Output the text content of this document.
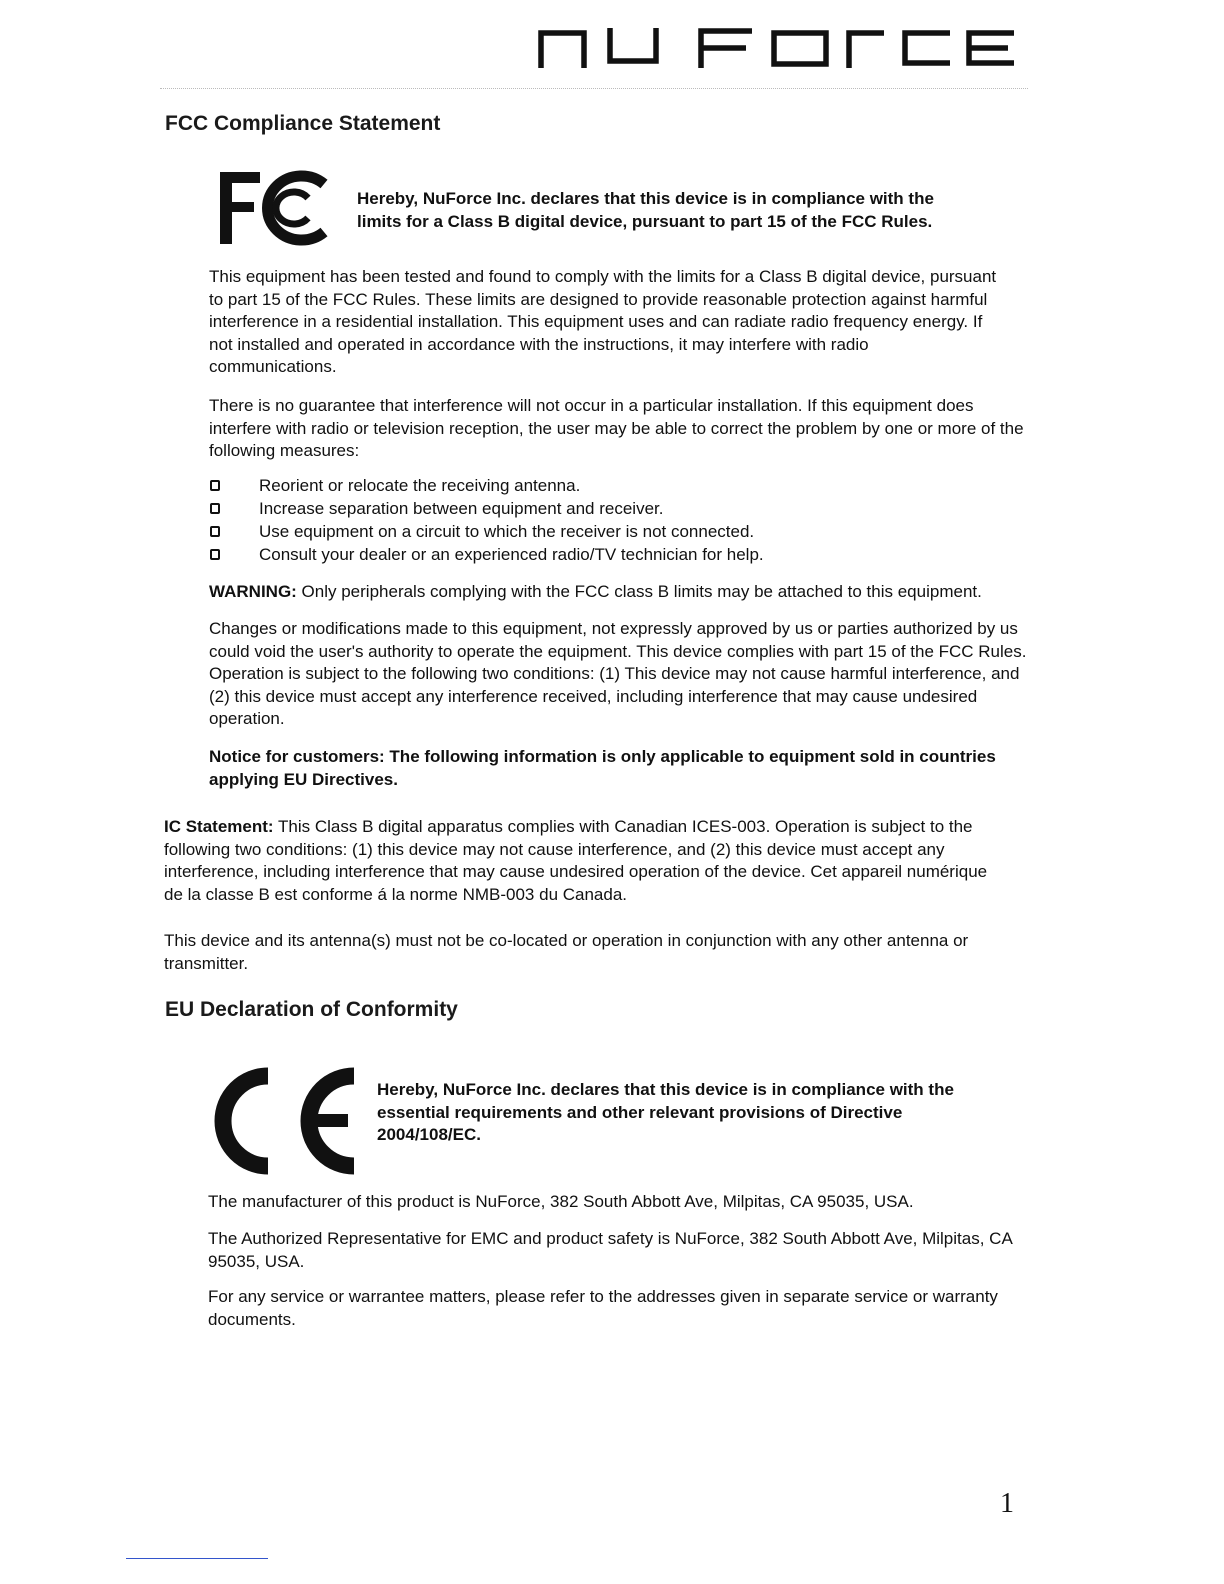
FCC Compliance Statement

Hereby, NuForce Inc. declares that this device is in compliance with the limits for a Class B digital device, pursuant to part 15 of the FCC Rules.

This equipment has been tested and found to comply with the limits for a Class B digital device, pursuant to part 15 of the FCC Rules. These limits are designed to provide reasonable protection against harmful interference in a residential installation. This equipment uses and can radiate radio frequency energy. If not installed and operated in accordance with the instructions, it may interfere with radio communications.

There is no guarantee that interference will not occur in a particular installation. If this equipment does interfere with radio or television reception, the user may be able to correct the problem by one or more of the following measures:

Reorient or relocate the receiving antenna.
Increase separation between equipment and receiver.
Use equipment on a circuit to which the receiver is not connected.
Consult your dealer or an experienced radio/TV technician for help.

WARNING: Only peripherals complying with the FCC class B limits may be attached to this equipment.

Changes or modifications made to this equipment, not expressly approved by us or parties authorized by us could void the user's authority to operate the equipment. This device complies with part 15 of the FCC Rules. Operation is subject to the following two conditions: (1) This device may not cause harmful interference, and (2) this device must accept any interference received, including interference that may cause undesired operation.

Notice for customers: The following information is only applicable to equipment sold in countries applying EU Directives.

IC Statement: This Class B digital apparatus complies with Canadian ICES-003. Operation is subject to the following two conditions: (1) this device may not cause interference, and (2) this device must accept any interference, including interference that may cause undesired operation of the device. Cet appareil numérique de la classe B est conforme á la norme NMB-003 du Canada.

This device and its antenna(s) must not be co-located or operation in conjunction with any other antenna or transmitter.

EU Declaration of Conformity

Hereby, NuForce Inc. declares that this device is in compliance with the essential requirements and other relevant provisions of Directive 2004/108/EC.

The manufacturer of this product is NuForce, 382 South Abbott Ave, Milpitas, CA 95035, USA.

The Authorized Representative for EMC and product safety is NuForce, 382 South Abbott Ave, Milpitas, CA 95035, USA.

For any service or warrantee matters, please refer to the addresses given in separate service or warranty documents.

1
